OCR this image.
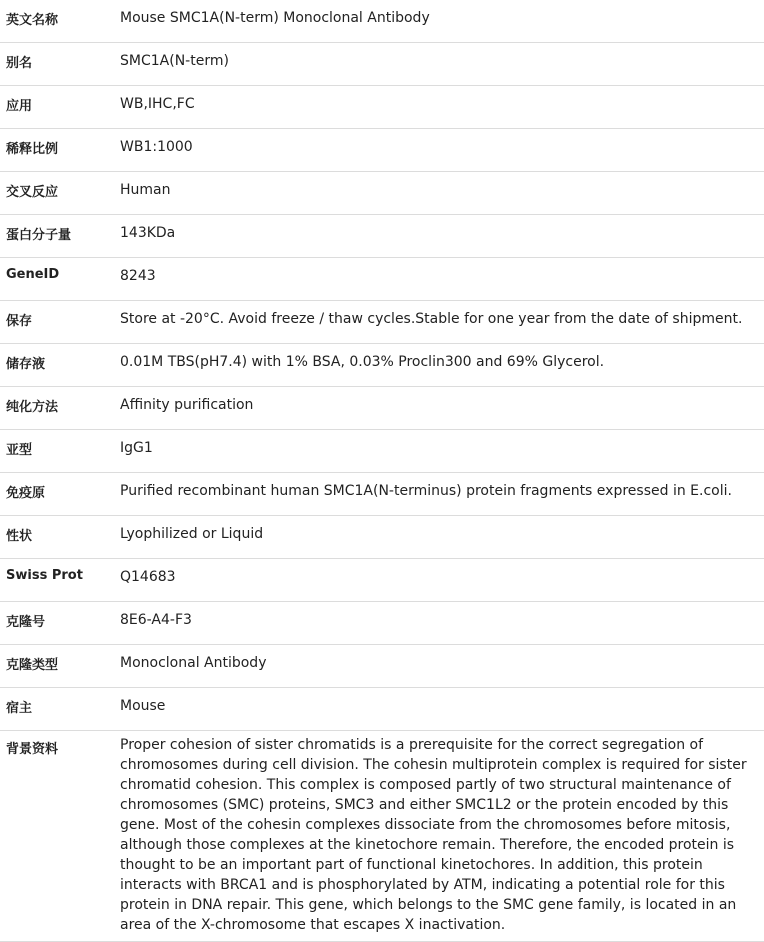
英文名称	Mouse SMC1A(N-term) Monoclonal Antibody
别名	SMC1A(N-term)
应用	WB,IHC,FC
稀释比例	WB1:1000
交叉反应	Human
蛋白分子量	143KDa
GeneID	8243
保存	Store at -20°C. Avoid freeze / thaw cycles.Stable for one year from the date of shipment.
储存液	0.01M TBS(pH7.4) with 1% BSA, 0.03% Proclin300 and 69% Glycerol.
纯化方法	Affinity purification
亚型	IgG1
免疫原	Purified recombinant human SMC1A(N-terminus) protein fragments expressed in E.coli.
性状	Lyophilized or Liquid
Swiss Prot	Q14683
克隆号	8E6-A4-F3
克隆类型	Monoclonal Antibody
宿主	Mouse
背景资料	Proper cohesion of sister chromatids is a prerequisite for the correct segregation of chromosomes during cell division. The cohesin multiprotein complex is required for sister chromatid cohesion. This complex is composed partly of two structural maintenance of chromosomes (SMC) proteins, SMC3 and either SMC1L2 or the protein encoded by this gene. Most of the cohesin complexes dissociate from the chromosomes before mitosis, although those complexes at the kinetochore remain. Therefore, the encoded protein is thought to be an important part of functional kinetochores. In addition, this protein interacts with BRCA1 and is phosphorylated by ATM, indicating a potential role for this protein in DNA repair. This gene, which belongs to the SMC gene family, is located in an area of the X-chromosome that escapes X inactivation.
